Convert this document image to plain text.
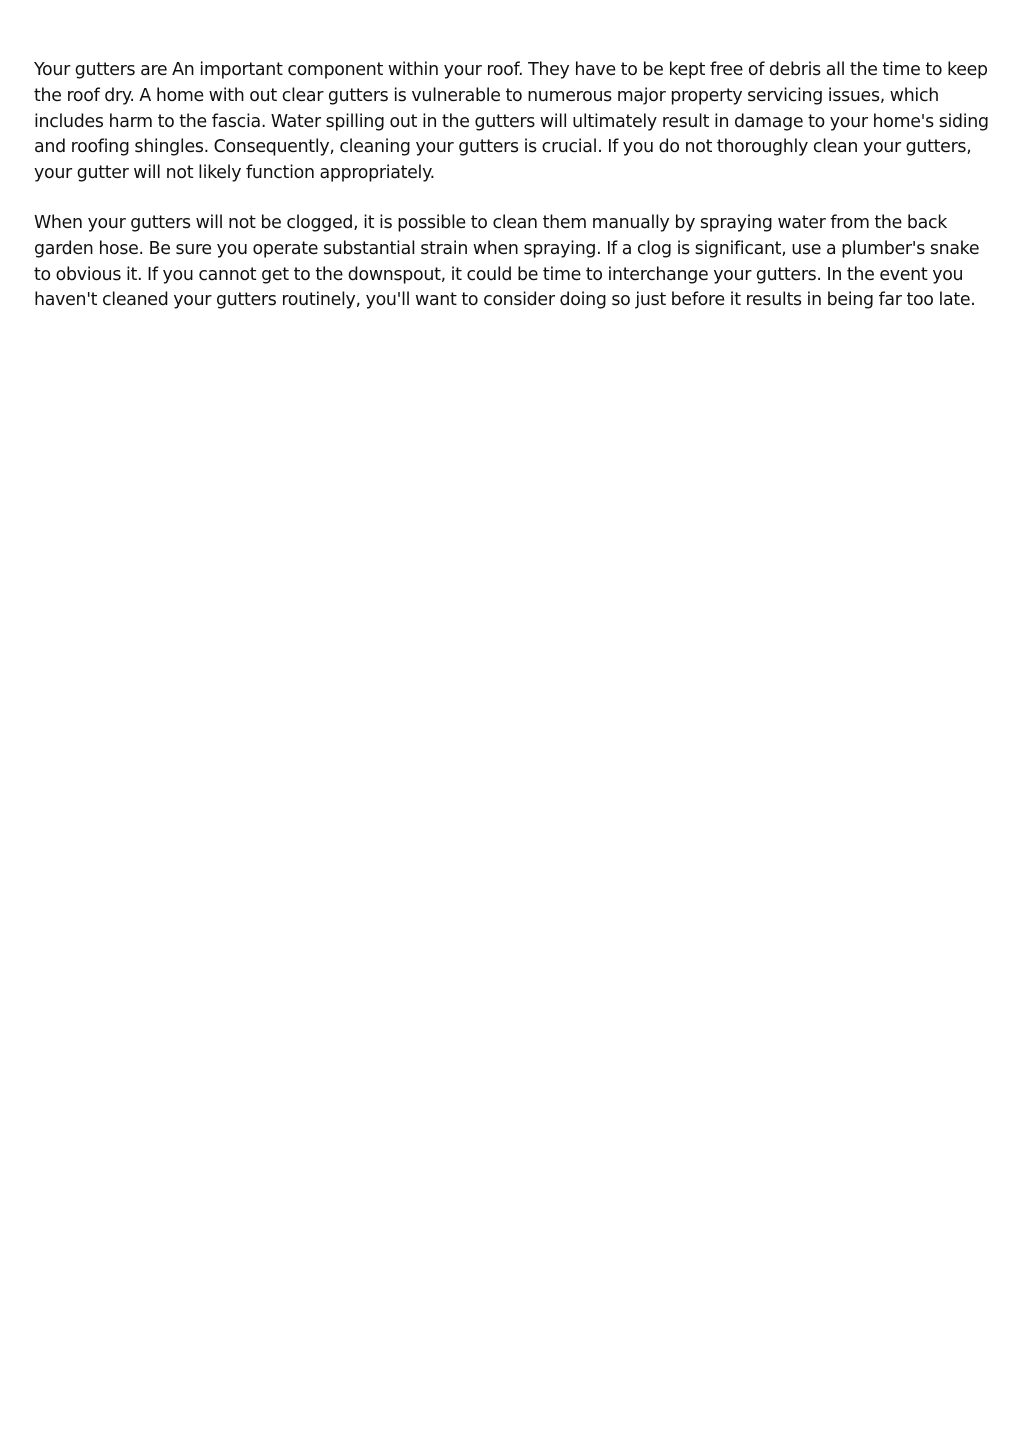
Your gutters are An important component within your roof. They have to be kept free of debris all the time to keep the roof dry. A home with out clear gutters is vulnerable to numerous major property servicing issues, which includes harm to the fascia. Water spilling out in the gutters will ultimately result in damage to your home's siding and roofing shingles. Consequently, cleaning your gutters is crucial. If you do not thoroughly clean your gutters, your gutter will not likely function appropriately.

When your gutters will not be clogged, it is possible to clean them manually by spraying water from the back garden hose. Be sure you operate substantial strain when spraying. If a clog is significant, use a plumber's snake to obvious it. If you cannot get to the downspout, it could be time to interchange your gutters. In the event you haven't cleaned your gutters routinely, you'll want to consider doing so just before it results in being far too late.
